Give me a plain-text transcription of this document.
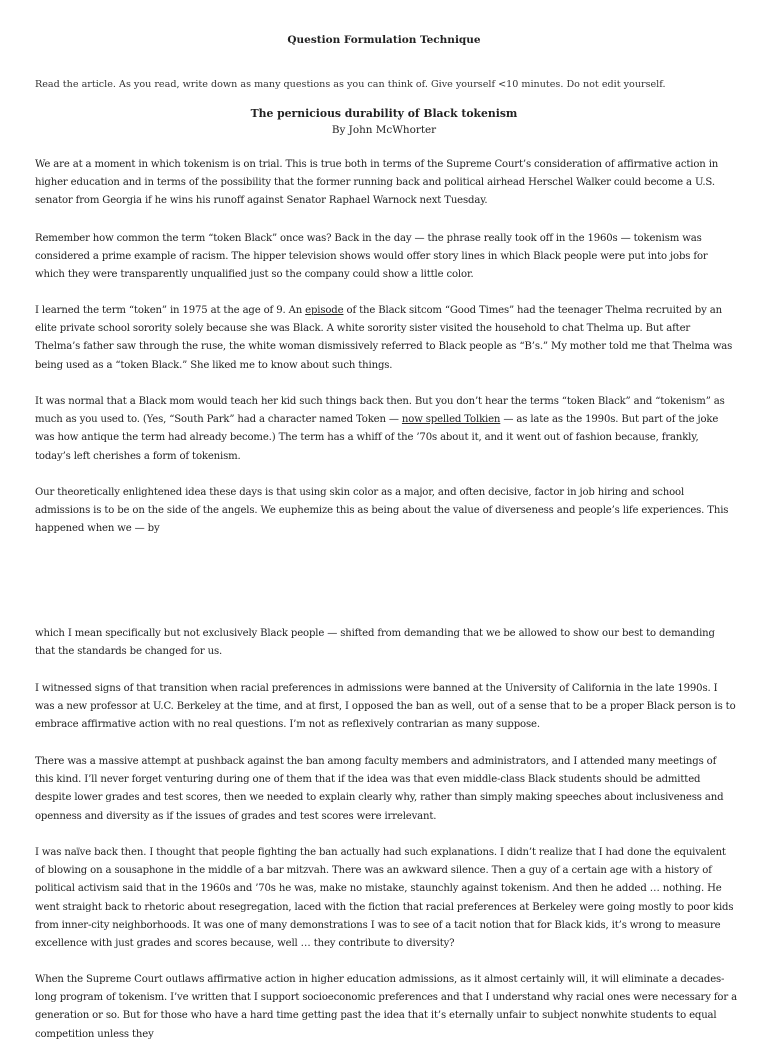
Question Formulation Technique
Read the article. As you read, write down as many questions as you can think of. Give yourself <10 minutes. Do not edit yourself.
The pernicious durability of Black tokenism
By John McWhorter
We are at a moment in which tokenism is on trial. This is true both in terms of the Supreme Court’s consideration of affirmative action in higher education and in terms of the possibility that the former running back and political airhead Herschel Walker could become a U.S. senator from Georgia if he wins his runoff against Senator Raphael Warnock next Tuesday.
Remember how common the term “token Black” once was? Back in the day — the phrase really took off in the 1960s — tokenism was considered a prime example of racism. The hipper television shows would offer story lines in which Black people were put into jobs for which they were transparently unqualified just so the company could show a little color.
I learned the term “token” in 1975 at the age of 9. An episode of the Black sitcom “Good Times” had the teenager Thelma recruited by an elite private school sorority solely because she was Black. A white sorority sister visited the household to chat Thelma up. But after Thelma’s father saw through the ruse, the white woman dismissively referred to Black people as “B’s.” My mother told me that Thelma was being used as a “token Black.” She liked me to know about such things.
It was normal that a Black mom would teach her kid such things back then. But you don’t hear the terms “token Black” and “tokenism” as much as you used to. (Yes, “South Park” had a character named Token — now spelled Tolkien — as late as the 1990s. But part of the joke was how antique the term had already become.) The term has a whiff of the ’70s about it, and it went out of fashion because, frankly, today’s left cherishes a form of tokenism.
Our theoretically enlightened idea these days is that using skin color as a major, and often decisive, factor in job hiring and school admissions is to be on the side of the angels. We euphemize this as being about the value of diverseness and people’s life experiences. This happened when we — by
which I mean specifically but not exclusively Black people — shifted from demanding that we be allowed to show our best to demanding that the standards be changed for us.
I witnessed signs of that transition when racial preferences in admissions were banned at the University of California in the late 1990s. I was a new professor at U.C. Berkeley at the time, and at first, I opposed the ban as well, out of a sense that to be a proper Black person is to embrace affirmative action with no real questions. I’m not as reflexively contrarian as many suppose.
There was a massive attempt at pushback against the ban among faculty members and administrators, and I attended many meetings of this kind. I’ll never forget venturing during one of them that if the idea was that even middle-class Black students should be admitted despite lower grades and test scores, then we needed to explain clearly why, rather than simply making speeches about inclusiveness and openness and diversity as if the issues of grades and test scores were irrelevant.
I was naïve back then. I thought that people fighting the ban actually had such explanations. I didn’t realize that I had done the equivalent of blowing on a sousaphone in the middle of a bar mitzvah. There was an awkward silence. Then a guy of a certain age with a history of political activism said that in the 1960s and ’70s he was, make no mistake, staunchly against tokenism. And then he added … nothing. He went straight back to rhetoric about resegregation, laced with the fiction that racial preferences at Berkeley were going mostly to poor kids from inner-city neighborhoods. It was one of many demonstrations I was to see of a tacit notion that for Black kids, it’s wrong to measure excellence with just grades and scores because, well … they contribute to diversity?
When the Supreme Court outlaws affirmative action in higher education admissions, as it almost certainly will, it will eliminate a decades-long program of tokenism. I’ve written that I support socioeconomic preferences and that I understand why racial ones were necessary for a generation or so. But for those who have a hard time getting past the idea that it’s eternally unfair to subject nonwhite students to equal competition unless they
